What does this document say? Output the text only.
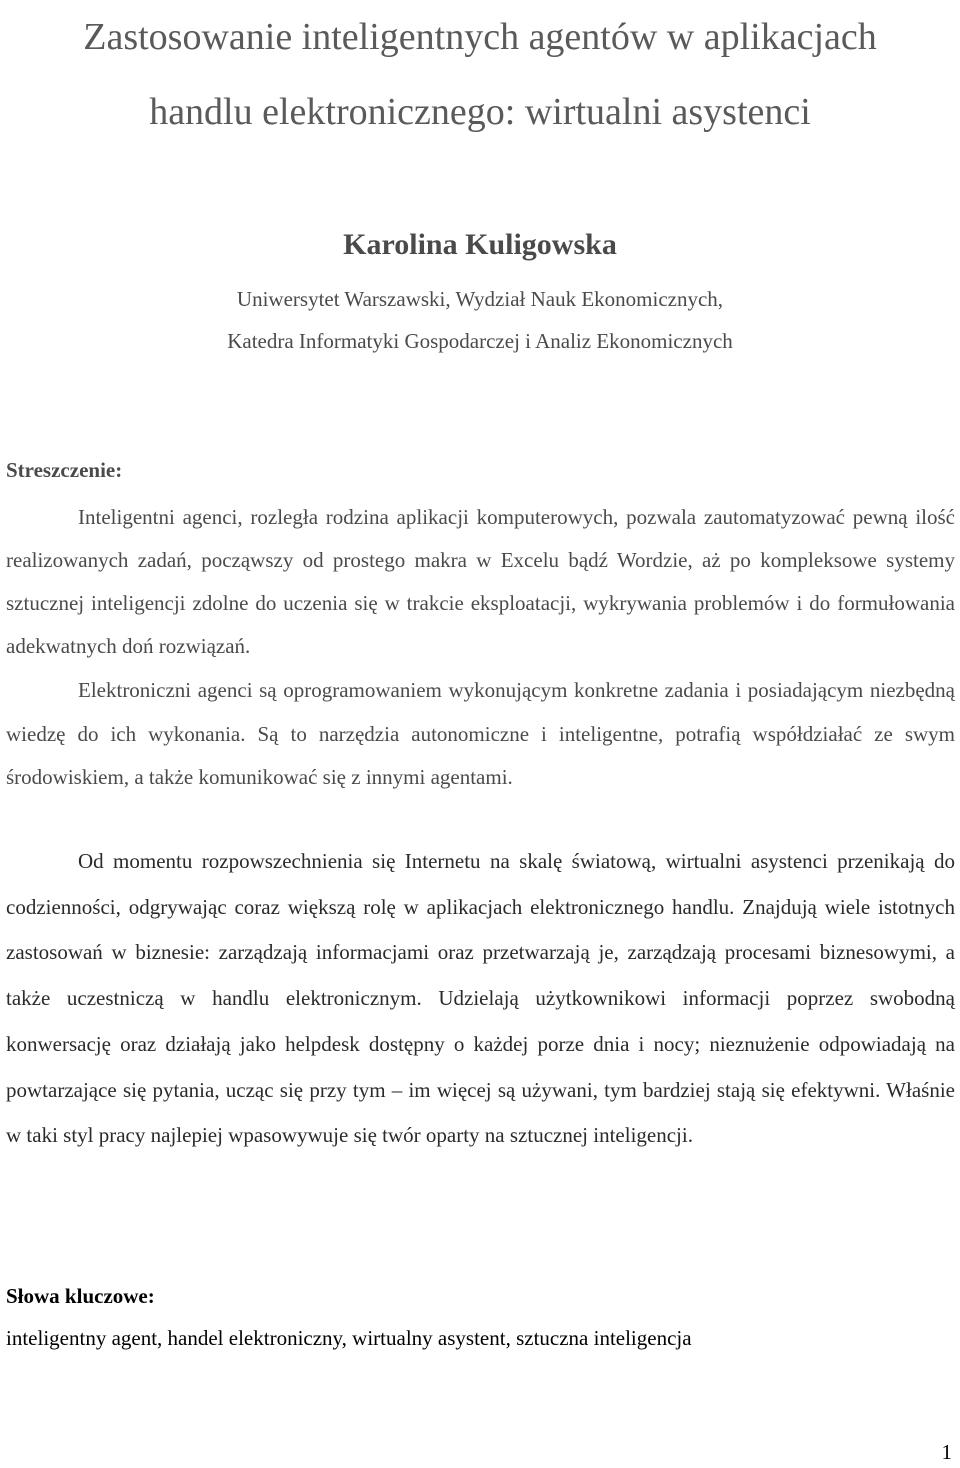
Zastosowanie inteligentnych agentów w aplikacjach
handlu elektronicznego: wirtualni asystenci
Karolina Kuligowska
Uniwersytet Warszawski, Wydział Nauk Ekonomicznych,
Katedra Informatyki Gospodarczej i Analiz Ekonomicznych
Streszczenie:

Inteligentni agenci, rozległa rodzina aplikacji komputerowych, pozwala zautomatyzować pewną ilość realizowanych zadań, począwszy od prostego makra w Excelu bądź Wordzie, aż po kompleksowe systemy sztucznej inteligencji zdolne do uczenia się w trakcie eksploatacji, wykrywania problemów i do formułowania adekwatnych doń rozwiązań.

Elektroniczni agenci są oprogramowaniem wykonującym konkretne zadania i posiadającym niezbędną wiedzę do ich wykonania. Są to narzędzia autonomiczne i inteligentne, potrafią współdziałać ze swym środowiskiem, a także komunikować się z innymi agentami.

Od momentu rozpowszechnienia się Internetu na skalę światową, wirtualni asystenci przenikają do codzienności, odgrywając coraz większą rolę w aplikacjach elektronicznego handlu. Znajdują wiele istotnych zastosowań w biznesie: zarządzają informacjami oraz przetwarzają je, zarządzają procesami biznesowymi, a także uczestniczą w handlu elektronicznym. Udzielają użytkownikowi informacji poprzez swobodną konwersację oraz działają jako helpdesk dostępny o każdej porze dnia i nocy; nieznużenie odpowiadają na powtarzające się pytania, ucząc się przy tym – im więcej są używani, tym bardziej stają się efektywni. Właśnie w taki styl pracy najlepiej wpasowywuje się twór oparty na sztucznej inteligencji.

Słowa kluczowe:

inteligentny agent, handel elektroniczny, wirtualny asystent, sztuczna inteligencja

1
